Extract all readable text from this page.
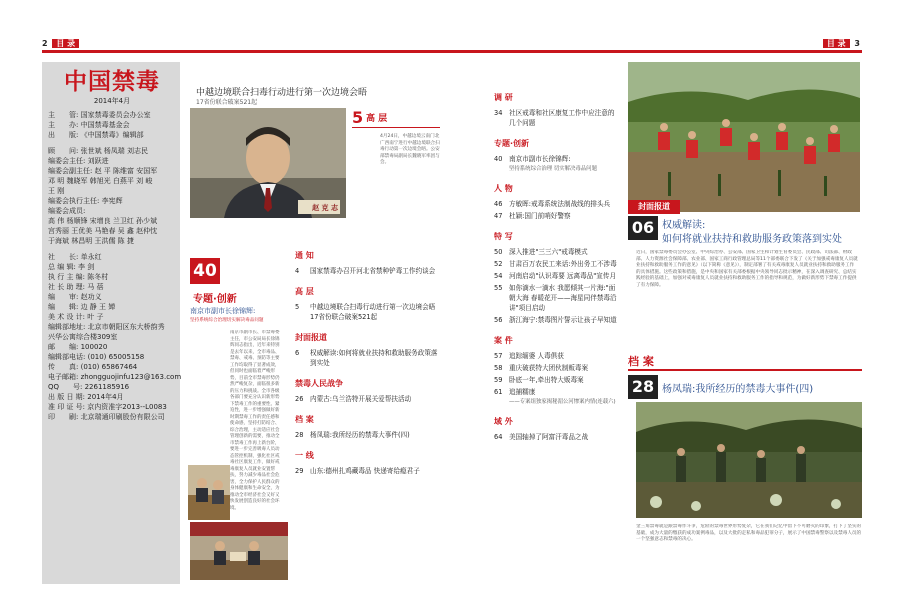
2 目 录
中国禁毒
2014年4月
主　　管: 国家禁毒委员会办公室
主　　办: 中国禁毒基金会
出　　版: 《中国禁毒》编辑部
顾　　问: 张世斌 杨凤瑞 刘志民
编委会主任: 刘跃进
编委会副主任: 赵 平 陈维富 安国军
邓 明 魏晓军 韩旭光 白燕平 刘 峻
王 刚
编委会执行主任: 李宪辉
编委会成员:
高 伟 杨顺锋 宋增良 兰卫红 孙少斌
宫秀丽 王优美 马艳春 吴 鑫 赵仲忱
于海斌 林昌明 王洪儒 陈 捷
社　　长: 单永红
总 编 辑: 李 剑
执 行 主 编: 陈冬村
社 长 助 理: 马 蓓
编　　审: 赵功义
编　　辑: 边 静 王 婵
美 术 设 计: 叶 子
编辑部地址: 北京市朝阳区东大桥韵秀
兴华公寓综合楼309室
邮　　编: 100020
编辑部电话: (010) 65005158
传　　真: (010) 65867464
电子邮箱: zhongguojinfu123@163.com
QQ　　号: 2261185916
出 版 日 期: 2014年4月
准 印 证 号: 京内资准字2013--L0083
印　　刷: 北京瑞通印刷股份有限公司
中越边境联合扫毒行动进行第一次边境会晤
17省份联合破案521起
赵 克 志
5 高 层
4月24日，中越边境云南门北广西南宁进行中越边境联合扫毒行动第一次边境会晤。公安部禁毒局副局长魏晓军率团与会。
40
专题·创新
南京市副市长徐锦辉:
坚持系统综合治理切实解决毒品问题
南京市副市长、市禁毒委主任，市公安局局长徐锦辉同志指出，近年来特别是去年以来，全市毒品、禁毒、戒毒、预防等主要工作均取得了显著成效，但同时也面临着严峻形势，目前全市禁毒形势仍然严峻复杂，面临很多新的压力和挑战。全市各级各部门要充分认识新形势下禁毒工作的重要性、紧迫性，进一步增强做好新时期禁毒工作的责任感和使命感，坚持打防结合、综合治理，主动适应社会管理创新的需要，推动全市禁毒工作再上新台阶，要进一步完善吸毒人员动态管控机制，强化社区戒毒社区康复工作，做好戒毒康复人员就业安置帮扶，努力减少毒品社会危害，全力保护人民群众的身体健康和生命安全，为推动全市经济社会又好又快发展创造良好的社会环境。
通 知
4	国家禁毒办召开河北省禁种铲毒工作约谈会
高 层
5	中越边境联合扫毒行动进行第一次边境会晤 17省份联合破案521起
封面报道
6	权威解读:如何将就业扶持和救助服务政策落到实处
禁毒人民战争
26	内蒙古:乌兰浩特开展关爱帮扶活动
档 案
28	杨凤瑞:我所经历的禁毒大事件(四)
一 线
29	山东:德州扎鸡藏毒品 快递寄给瘾君子
目 录 3
调 研
34	社区戒毒和社区康复工作中应注意的几个问题
专题·创新
40	南京市副市长徐锦辉:
坚持系统综合治理 切实解决毒品问题
人 物
46	方敏晖:戒毒系统法制战线的排头兵
47	杜颖:国门前哨好警察
特 写
50	深入推进"三三六"戒毒模式
52	甘肃百万农民工来话:外出务工不涉毒
54	河南启动"认识毒要 远离毒品"宣传月
55	如你滴水一滴水 我愿倾其一片海:"面朝大海 春暖花开——海星同伴禁毒沿讲"项目启动
56	浙江海宁:禁毒图片誓示让孩子早知道
案 件
57	追踪缅婆 人毒俱获
58	重庆破获特大团伙制贩毒案
59	卧底一年,牵出特大贩毒案
61	追捕糯康
——专案组独家揭秘湄公河惨案内情(连载六)
域 外
64	美国轴掉了阿富汗毒品之战
封面报道
06 权威解读:
如何将就业扶持和救助服务政策落到实处
近日，国家禁毒委员会办公室、中央综治办、公安部、国家卫生和计划生育委员会、民政部、司法部、财政部、人力资源社会保障部、农业部、国家工商行政管理总局等11个部委联合下发了《关于加强戒毒康复人员就业扶持和救助服务工作的意见》（以下简称《意见》），制定部署了有关戒毒康复人员就业扶持和救助服务工作的具体措施。这些政策和措施，是中央和国家有关部委根据中央领导同志批示精神，在深入调查研究、总结实践经验的基础上，加强对戒毒康复人员就业扶持和救助服务工作的指导和规范，为做好新形势下禁毒工作提供了有力保障。
档 案
28 杨凤瑞:我所经历的禁毒大事件(四)
金三角禁毒就是跟禁毒作斗争，危险的禁毒世界形势复杂，它在我们记忆中留下不可磨灭的印象，打下了坚实的基础，成为大量的缴获的成功案例毒品，以及大批的走私和毒品犯罪分子，展示了中国禁毒警察以及禁毒人员的一个坚强意志和禁毒的决心。
